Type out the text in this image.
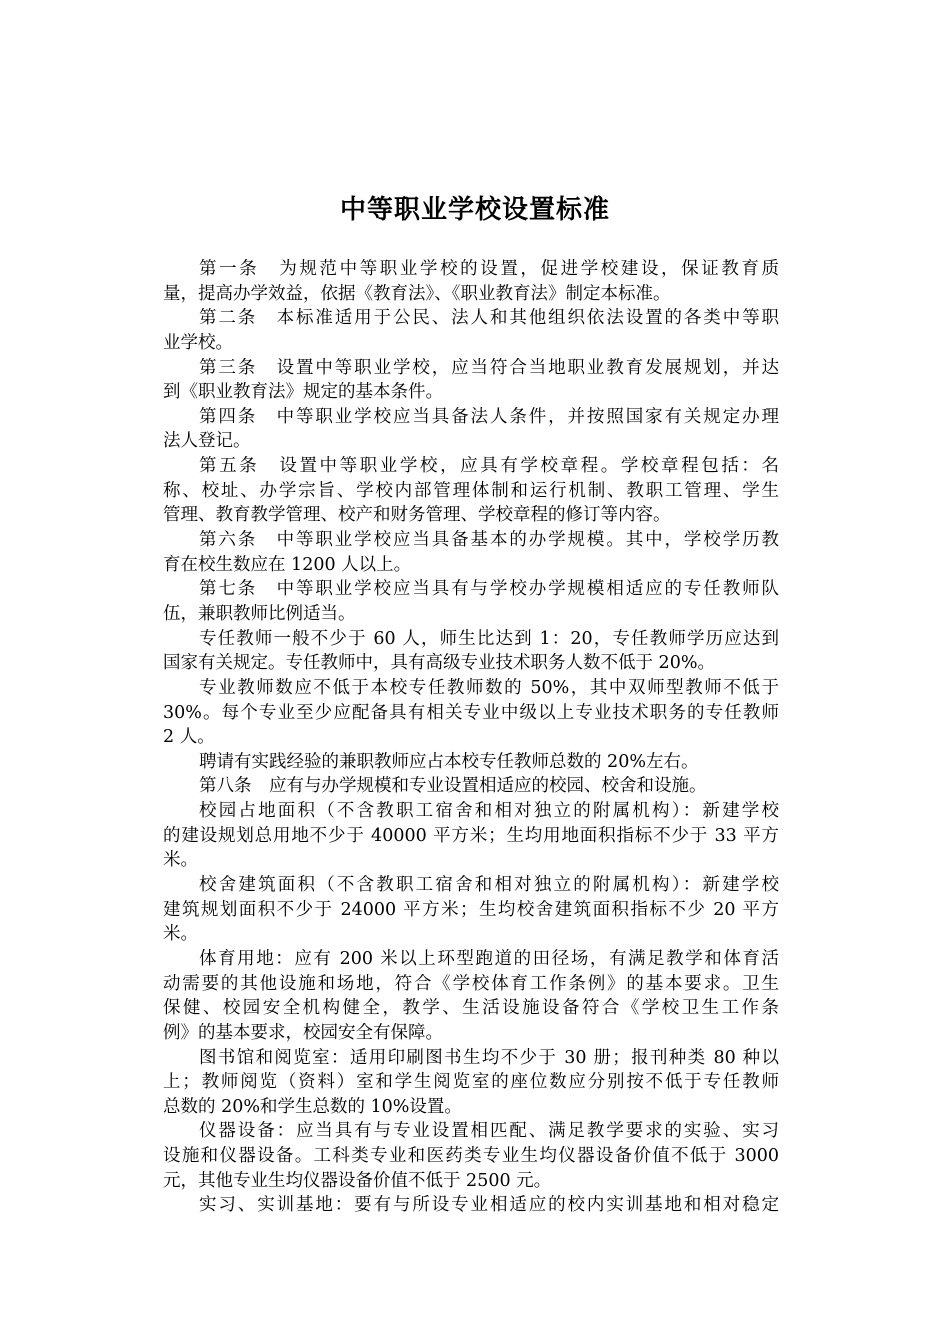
中等职业学校设置标准
第一条　为规范中等职业学校的设置，促进学校建设，保证教育质
量，提高办学效益，依据《教育法》、《职业教育法》制定本标准。
第二条　本标准适用于公民、法人和其他组织依法设置的各类中等职
业学校。
第三条　设置中等职业学校，应当符合当地职业教育发展规划，并达
到《职业教育法》规定的基本条件。
第四条　中等职业学校应当具备法人条件，并按照国家有关规定办理
法人登记。
第五条　设置中等职业学校，应具有学校章程。学校章程包括：名
称、校址、办学宗旨、学校内部管理体制和运行机制、教职工管理、学生
管理、教育教学管理、校产和财务管理、学校章程的修订等内容。
第六条　中等职业学校应当具备基本的办学规模。其中，学校学历教
育在校生数应在 1200 人以上。
第七条　中等职业学校应当具有与学校办学规模相适应的专任教师队
伍，兼职教师比例适当。
专任教师一般不少于 60 人，师生比达到 1：20，专任教师学历应达到
国家有关规定。专任教师中，具有高级专业技术职务人数不低于 20%。
专业教师数应不低于本校专任教师数的 50%，其中双师型教师不低于
30%。每个专业至少应配备具有相关专业中级以上专业技术职务的专任教师
2 人。
聘请有实践经验的兼职教师应占本校专任教师总数的 20%左右。
第八条　应有与办学规模和专业设置相适应的校园、校舍和设施。
校园占地面积（不含教职工宿舍和相对独立的附属机构）：新建学校
的建设规划总用地不少于 40000 平方米；生均用地面积指标不少于 33 平方
米。
校舍建筑面积（不含教职工宿舍和相对独立的附属机构）：新建学校
建筑规划面积不少于 24000 平方米；生均校舍建筑面积指标不少 20 平方
米。
体育用地：应有 200 米以上环型跑道的田径场，有满足教学和体育活
动需要的其他设施和场地，符合《学校体育工作条例》的基本要求。卫生
保健、校园安全机构健全，教学、生活设施设备符合《学校卫生工作条
例》的基本要求，校园安全有保障。
图书馆和阅览室：适用印刷图书生均不少于 30 册；报刊种类 80 种以
上；教师阅览（资料）室和学生阅览室的座位数应分别按不低于专任教师
总数的 20%和学生总数的 10%设置。
仪器设备：应当具有与专业设置相匹配、满足教学要求的实验、实习
设施和仪器设备。工科类专业和医药类专业生均仪器设备价值不低于 3000
元，其他专业生均仪器设备价值不低于 2500 元。
实习、实训基地：要有与所设专业相适应的校内实训基地和相对稳定
